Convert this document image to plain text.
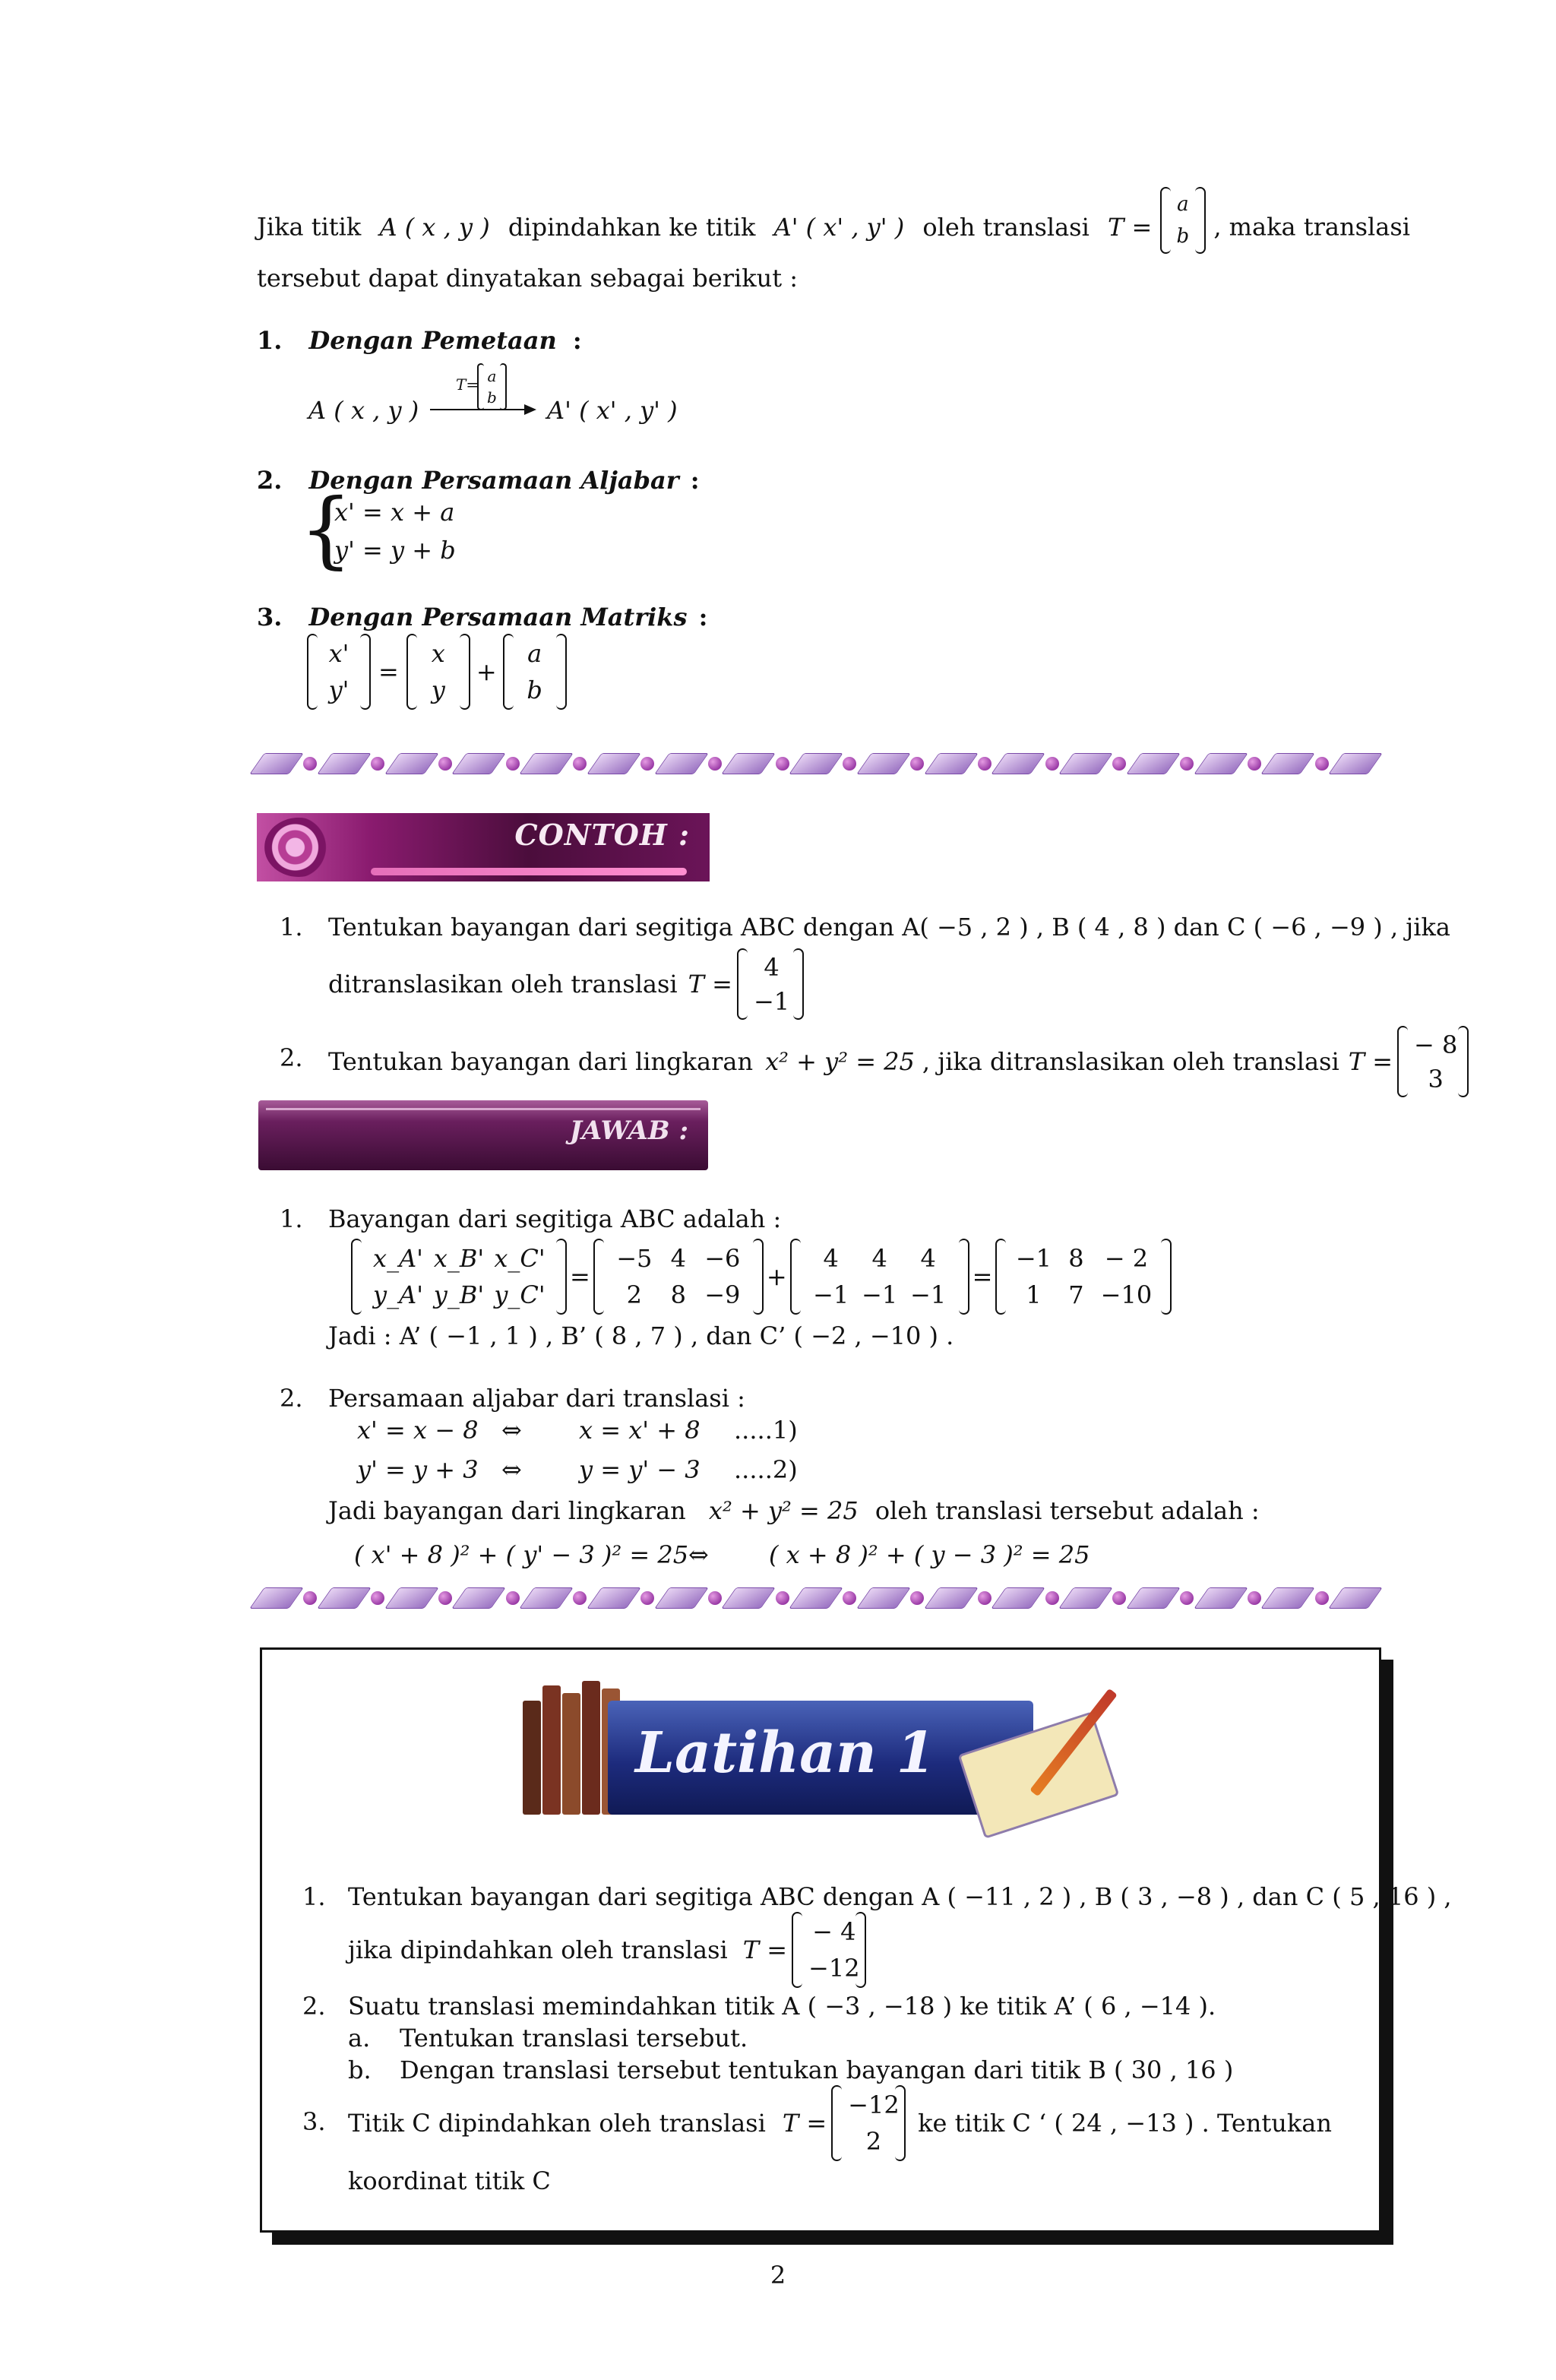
Jika titik A ( x , y ) dipindahkan ke titik A' ( x' , y' ) oleh translasi T =
a
b , maka translasi
tersebut dapat dinyatakan sebagai berikut :
1. Dengan Pemetaan :
A ( x , y )
T= a
b A' ( x' , y' )
2. Dengan Persamaan Aljabar :
{
x' = x + a
y' = y + b
3. Dengan Persamaan Matriks :
x'
y'
=
x
y
+
a
b
CONTOH :
1. Tentukan bayangan dari segitiga ABC dengan A( −5 , 2 ) , B ( 4 , 8 ) dan C ( −6 , −9 ) , jika
ditranslasikan oleh translasi T =
4
−1
2. Tentukan bayangan dari lingkaran x² + y² = 25 , jika ditranslasikan oleh translasi T =
− 8
3
JAWAB :
1. Bayangan dari segitiga ABC adalah :
x_A' x_B' x_C'
y_A' y_B' y_C'
=
−5 4 −6
2	8 −9
+
4	4	4
−1 −1 −1
=
−1 8 − 2
1	7 −10
Jadi : A’ ( −1 , 1 ) , B’ ( 8 , 7 ) , dan C’ ( −2 , −10 ) .
2. Persamaan aljabar dari translasi :
x' = x − 8 ⇔ x = x' + 8 .....1)
y' = y + 3 ⇔ y = y' − 3 .....2)
Jadi bayangan dari lingkaran x² + y² = 25 oleh translasi tersebut adalah :
( x' + 8 )² + ( y' − 3 )² = 25 ⇔ ( x + 8 )² + ( y − 3 )² = 25
Latihan 1
1. Tentukan bayangan dari segitiga ABC dengan A ( −11 , 2 ) , B ( 3 , −8 ) , dan C ( 5 , 16 ) ,
jika dipindahkan oleh translasi T =
− 4
−12
2. Suatu translasi memindahkan titik A ( −3 , −18 ) ke titik A’ ( 6 , −14 ).
a. Tentukan translasi tersebut.
b. Dengan translasi tersebut tentukan bayangan dari titik B ( 30 , 16 )
3. Titik C dipindahkan oleh translasi T =
−12
2
ke titik C ‘ ( 24 , −13 ) . Tentukan
koordinat titik C
2
